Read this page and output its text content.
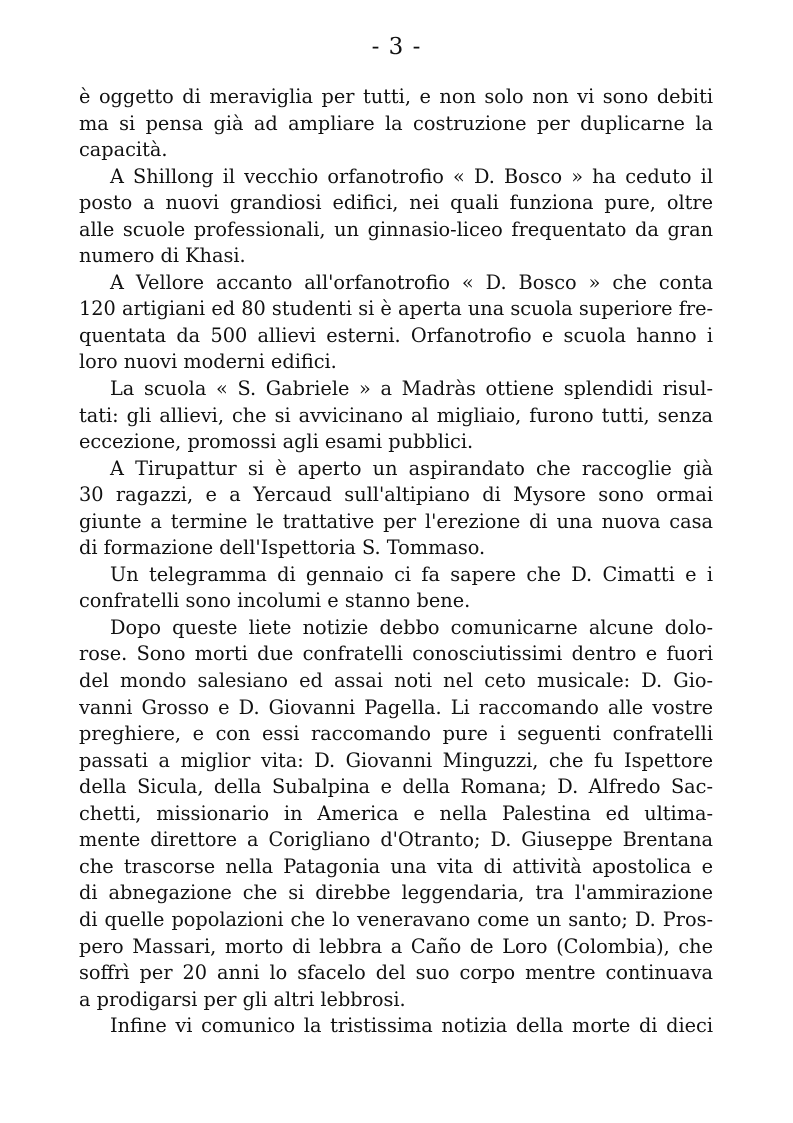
- 3 -
è oggetto di meraviglia per tutti, e non solo non vi sono debiti
ma si pensa già ad ampliare la costruzione per duplicarne la
capacità.
A Shillong il vecchio orfanotrofio « D. Bosco » ha ceduto il
posto a nuovi grandiosi edifici, nei quali funziona pure, oltre
alle scuole professionali, un ginnasio-liceo frequentato da gran
numero di Khasi.
A Vellore accanto all'orfanotrofio « D. Bosco » che conta
120 artigiani ed 80 studenti si è aperta una scuola superiore fre-
quentata da 500 allievi esterni. Orfanotrofio e scuola hanno i
loro nuovi moderni edifici.
La scuola « S. Gabriele » a Madràs ottiene splendidi risul-
tati: gli allievi, che si avvicinano al migliaio, furono tutti, senza
eccezione, promossi agli esami pubblici.
A Tirupattur si è aperto un aspirandato che raccoglie già
30 ragazzi, e a Yercaud sull'altipiano di Mysore sono ormai
giunte a termine le trattative per l'erezione di una nuova casa
di formazione dell'Ispettoria S. Tommaso.
Un telegramma di gennaio ci fa sapere che D. Cimatti e i
confratelli sono incolumi e stanno bene.
Dopo queste liete notizie debbo comunicarne alcune dolo-
rose. Sono morti due confratelli conosciutissimi dentro e fuori
del mondo salesiano ed assai noti nel ceto musicale: D. Gio-
vanni Grosso e D. Giovanni Pagella. Li raccomando alle vostre
preghiere, e con essi raccomando pure i seguenti confratelli
passati a miglior vita: D. Giovanni Minguzzi, che fu Ispettore
della Sicula, della Subalpina e della Romana; D. Alfredo Sac-
chetti, missionario in America e nella Palestina ed ultima-
mente direttore a Corigliano d'Otranto; D. Giuseppe Brentana
che trascorse nella Patagonia una vita di attività apostolica e
di abnegazione che si direbbe leggendaria, tra l'ammirazione
di quelle popolazioni che lo veneravano come un santo; D. Pros-
pero Massari, morto di lebbra a Caño de Loro (Colombia), che
soffrì per 20 anni lo sfacelo del suo corpo mentre continuava
a prodigarsi per gli altri lebbrosi.
Infine vi comunico la tristissima notizia della morte di dieci
